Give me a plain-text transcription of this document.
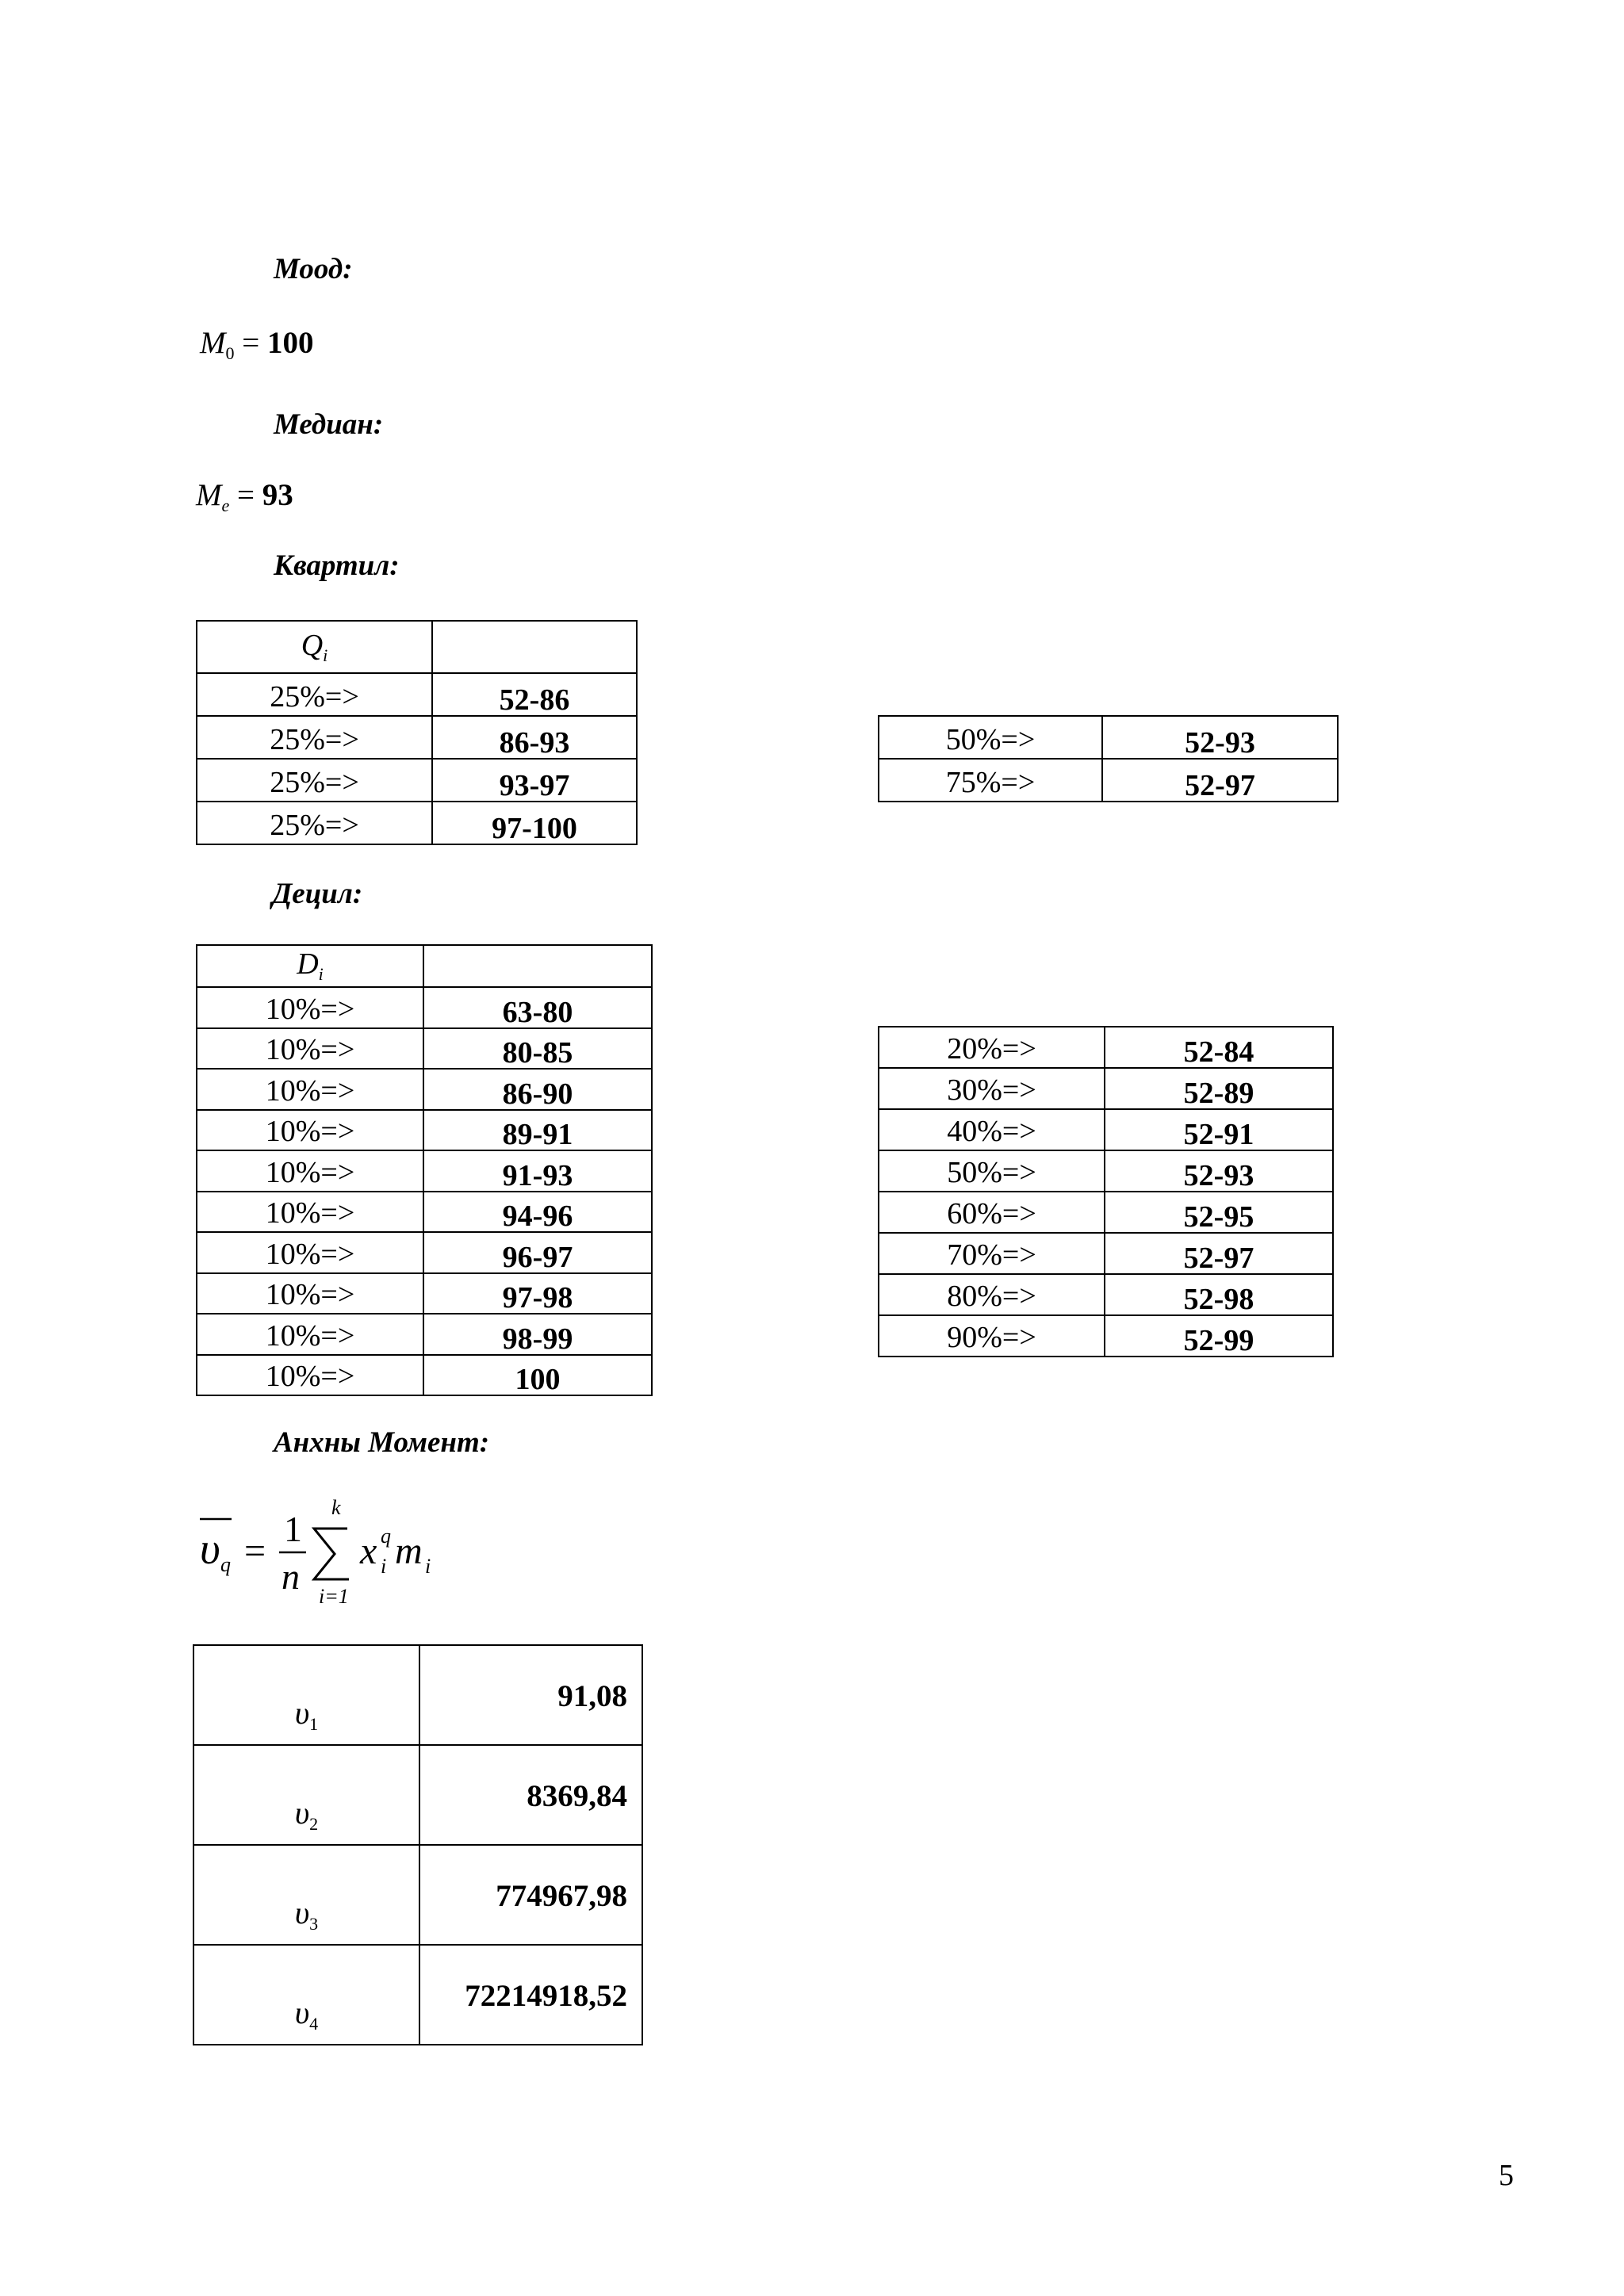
Моод:
$M_0 = 100$
Медиан:
$M_e = 93$
Квартил:
$Q_i$	
25%=>	52-86
25%=>	86-93
25%=>	93-97
25%=>	97-100
50%=>	52-93
75%=>	52-97
Децил:
$D_i$	
10%=>	63-80
10%=>	80-85
10%=>	86-90
10%=>	89-91
10%=>	91-93
10%=>	94-96
10%=>	96-97
10%=>	97-98
10%=>	98-99
10%=>	100
20%=>	52-84
30%=>	52-89
40%=>	52-91
50%=>	52-93
60%=>	52-95
70%=>	52-97
80%=>	52-98
90%=>	52-99
Анхны Момент:
υ q =
1
n
k
i=1
x q
i m i
$\upsilon_1$	91,08
$\upsilon_2$	8369,84
$\upsilon_3$	774967,98
$\upsilon_4$	72214918,52
5
